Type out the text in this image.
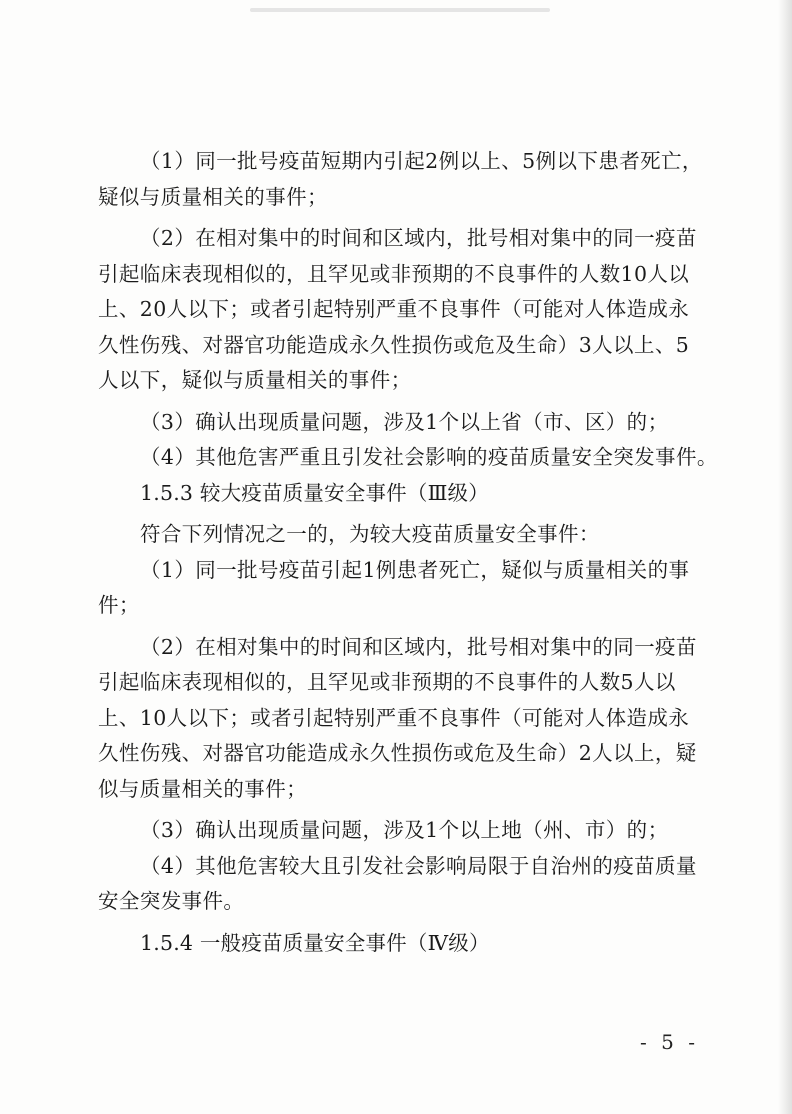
（1）同一批号疫苗短期内引起2例以上、5例以下患者死亡，
疑似与质量相关的事件；
（2）在相对集中的时间和区域内，批号相对集中的同一疫苗
引起临床表现相似的，且罕见或非预期的不良事件的人数10人以
上、20人以下；或者引起特别严重不良事件（可能对人体造成永
久性伤残、对器官功能造成永久性损伤或危及生命）3人以上、5
人以下，疑似与质量相关的事件；
（3）确认出现质量问题，涉及1个以上省（市、区）的；
（4）其他危害严重且引发社会影响的疫苗质量安全突发事件。
1.5.3 较大疫苗质量安全事件（Ⅲ级）
符合下列情况之一的，为较大疫苗质量安全事件：
（1）同一批号疫苗引起1例患者死亡，疑似与质量相关的事
件；
（2）在相对集中的时间和区域内，批号相对集中的同一疫苗
引起临床表现相似的，且罕见或非预期的不良事件的人数5人以
上、10人以下；或者引起特别严重不良事件（可能对人体造成永
久性伤残、对器官功能造成永久性损伤或危及生命）2人以上，疑
似与质量相关的事件；
（3）确认出现质量问题，涉及1个以上地（州、市）的；
（4）其他危害较大且引发社会影响局限于自治州的疫苗质量
安全突发事件。
1.5.4 一般疫苗质量安全事件（Ⅳ级）
- 5 -
